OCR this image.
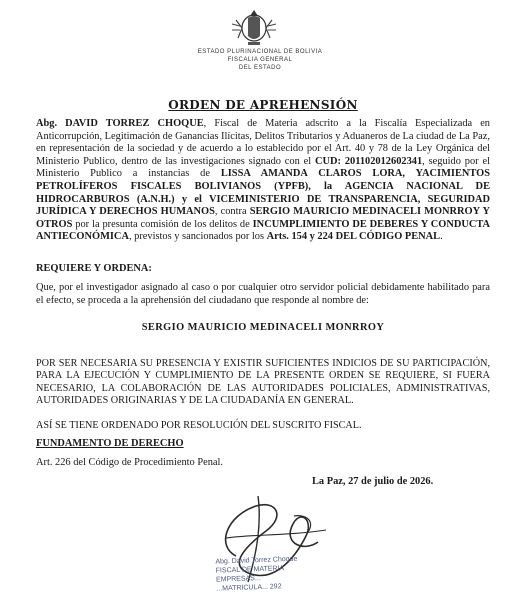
ESTADO PLURINACIONAL DE BOLIVIA
FISCALIA GENERAL
DEL ESTADO
ORDEN DE APREHENSIÓN
Abg. DAVID TORREZ CHOQUE, Fiscal de Materia adscrito a la Fiscalía Especializada en Anticorrupción, Legitimación de Ganancias Ilícitas, Delitos Tributarios y Aduaneros de La ciudad de La Paz, en representación de la sociedad y de acuerdo a lo establecido por el Art. 40 y 78 de la Ley Orgánica del Ministerio Publico, dentro de las investigaciones signado con el CUD: 201102012602341, seguido por el Ministerio Publico a instancias de LISSA AMANDA CLAROS LORA, YACIMIENTOS PETROLÍFEROS FISCALES BOLIVIANOS (YPFB), la AGENCIA NACIONAL DE HIDROCARBUROS (A.N.H.) y el VICEMINISTERIO DE TRANSPARENCIA, SEGURIDAD JURÍDICA Y DERECHOS HUMANOS, contra SERGIO MAURICIO MEDINACELI MONRROY Y OTROS por la presunta comisión de los delitos de INCUMPLIMIENTO DE DEBERES Y CONDUCTA ANTIECONÓMICA, previstos y sancionados por los Arts. 154 y 224 DEL CÓDIGO PENAL.
REQUIERE Y ORDENA:
Que, por el investigador asignado al caso o por cualquier otro servidor policial debidamente habilitado para el efecto, se proceda a la aprehensión del ciudadano que responde al nombre de:
SERGIO MAURICIO MEDINACELI MONRROY
POR SER NECESARIA SU PRESENCIA Y EXISTIR SUFICIENTES INDICIOS DE SU PARTICIPACIÓN, PARA LA EJECUCIÓN Y CUMPLIMIENTO DE LA PRESENTE ORDEN SE REQUIERE, SI FUERA NECESARIO, LA COLABORACIÓN DE LAS AUTORIDADES POLICIALES, ADMINISTRATIVAS, AUTORIDADES ORIGINARIAS Y DE LA CIUDADANÍA EN GENERAL.
ASÍ SE TIENE ORDENADO POR RESOLUCIÓN DEL SUSCRITO FISCAL.
FUNDAMENTO DE DERECHO
Art. 226 del Código de Procedimiento Penal.
La Paz, 27 de julio de 2026.
Abg. David Torrez Choque
FISCAL DE MATERIA
EMPRESAS...
...MATRICULA... 292
